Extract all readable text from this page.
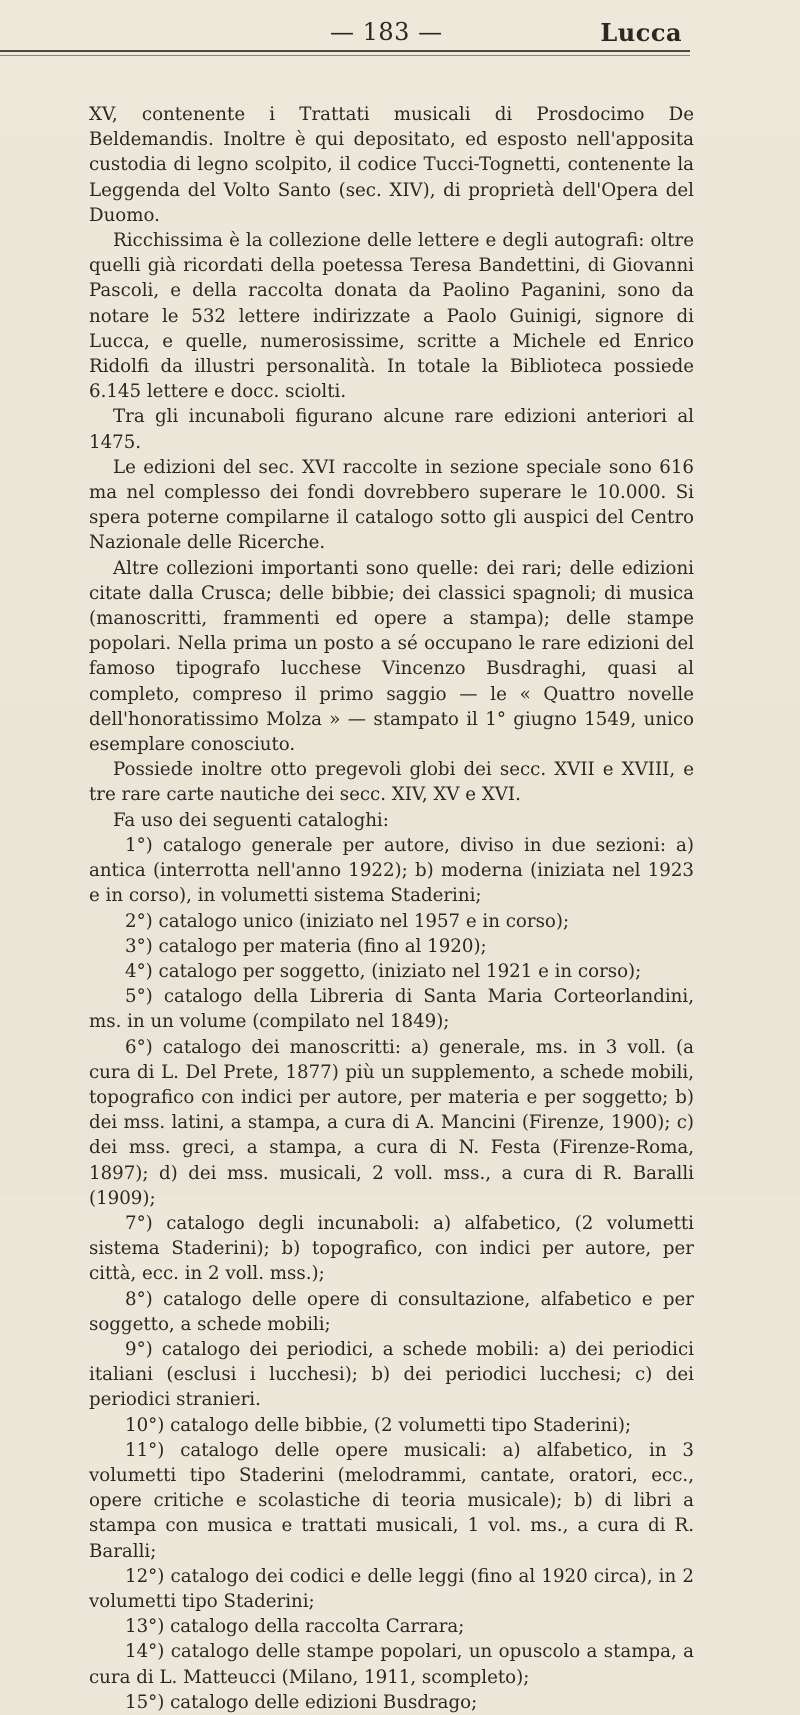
— 183 —	Lucca

XV, contenente i Trattati musicali di Prosdocimo De Beldemandis. Inoltre è qui depositato, ed esposto nell'apposita custodia di legno scolpito, il codice Tucci-Tognetti, contenente la Leggenda del Volto Santo (sec. XIV), di proprietà dell'Opera del Duomo.

Ricchissima è la collezione delle lettere e degli autografi: oltre quelli già ricordati della poetessa Teresa Bandettini, di Giovanni Pascoli, e della raccolta donata da Paolino Paganini, sono da notare le 532 lettere indirizzate a Paolo Guinigi, signore di Lucca, e quelle, numerosissime, scritte a Michele ed Enrico Ridolfi da illustri personalità. In totale la Biblioteca possiede 6.145 lettere e docc. sciolti.

Tra gli incunaboli figurano alcune rare edizioni anteriori al 1475.

Le edizioni del sec. XVI raccolte in sezione speciale sono 616 ma nel complesso dei fondi dovrebbero superare le 10.000. Si spera poterne compilarne il catalogo sotto gli auspici del Centro Nazionale delle Ricerche.

Altre collezioni importanti sono quelle: dei rari; delle edizioni citate dalla Crusca; delle bibbie; dei classici spagnoli; di musica (manoscritti, frammenti ed opere a stampa); delle stampe popolari. Nella prima un posto a sé occupano le rare edizioni del famoso tipografo lucchese Vincenzo Busdraghi, quasi al completo, compreso il primo saggio — le « Quattro novelle dell'honoratissimo Molza » — stampato il 1° giugno 1549, unico esemplare conosciuto.

Possiede inoltre otto pregevoli globi dei secc. XVII e XVIII, e tre rare carte nautiche dei secc. XIV, XV e XVI.

Fa uso dei seguenti cataloghi:

1°) catalogo generale per autore, diviso in due sezioni: a) antica (interrotta nell'anno 1922); b) moderna (iniziata nel 1923 e in corso), in volumetti sistema Staderini;

2°) catalogo unico (iniziato nel 1957 e in corso);

3°) catalogo per materia (fino al 1920);

4°) catalogo per soggetto, (iniziato nel 1921 e in corso);

5°) catalogo della Libreria di Santa Maria Corteorlandini, ms. in un volume (compilato nel 1849);

6°) catalogo dei manoscritti: a) generale, ms. in 3 voll. (a cura di L. Del Prete, 1877) più un supplemento, a schede mobili, topografico con indici per autore, per materia e per soggetto; b) dei mss. latini, a stampa, a cura di A. Mancini (Firenze, 1900); c) dei mss. greci, a stampa, a cura di N. Festa (Firenze-Roma, 1897); d) dei mss. musicali, 2 voll. mss., a cura di R. Baralli (1909);

7°) catalogo degli incunaboli: a) alfabetico, (2 volumetti sistema Staderini); b) topografico, con indici per autore, per città, ecc. in 2 voll. mss.);

8°) catalogo delle opere di consultazione, alfabetico e per soggetto, a schede mobili;

9°) catalogo dei periodici, a schede mobili: a) dei periodici italiani (esclusi i lucchesi); b) dei periodici lucchesi; c) dei periodici stranieri.

10°) catalogo delle bibbie, (2 volumetti tipo Staderini);

11°) catalogo delle opere musicali: a) alfabetico, in 3 volumetti tipo Staderini (melodrammi, cantate, oratori, ecc., opere critiche e scolastiche di teoria musicale); b) di libri a stampa con musica e trattati musicali, 1 vol. ms., a cura di R. Baralli;

12°) catalogo dei codici e delle leggi (fino al 1920 circa), in 2 volumetti tipo Staderini;

13°) catalogo della raccolta Carrara;

14°) catalogo delle stampe popolari, un opuscolo a stampa, a cura di L. Matteucci (Milano, 1911, scompleto);

15°) catalogo delle edizioni Busdrago;
